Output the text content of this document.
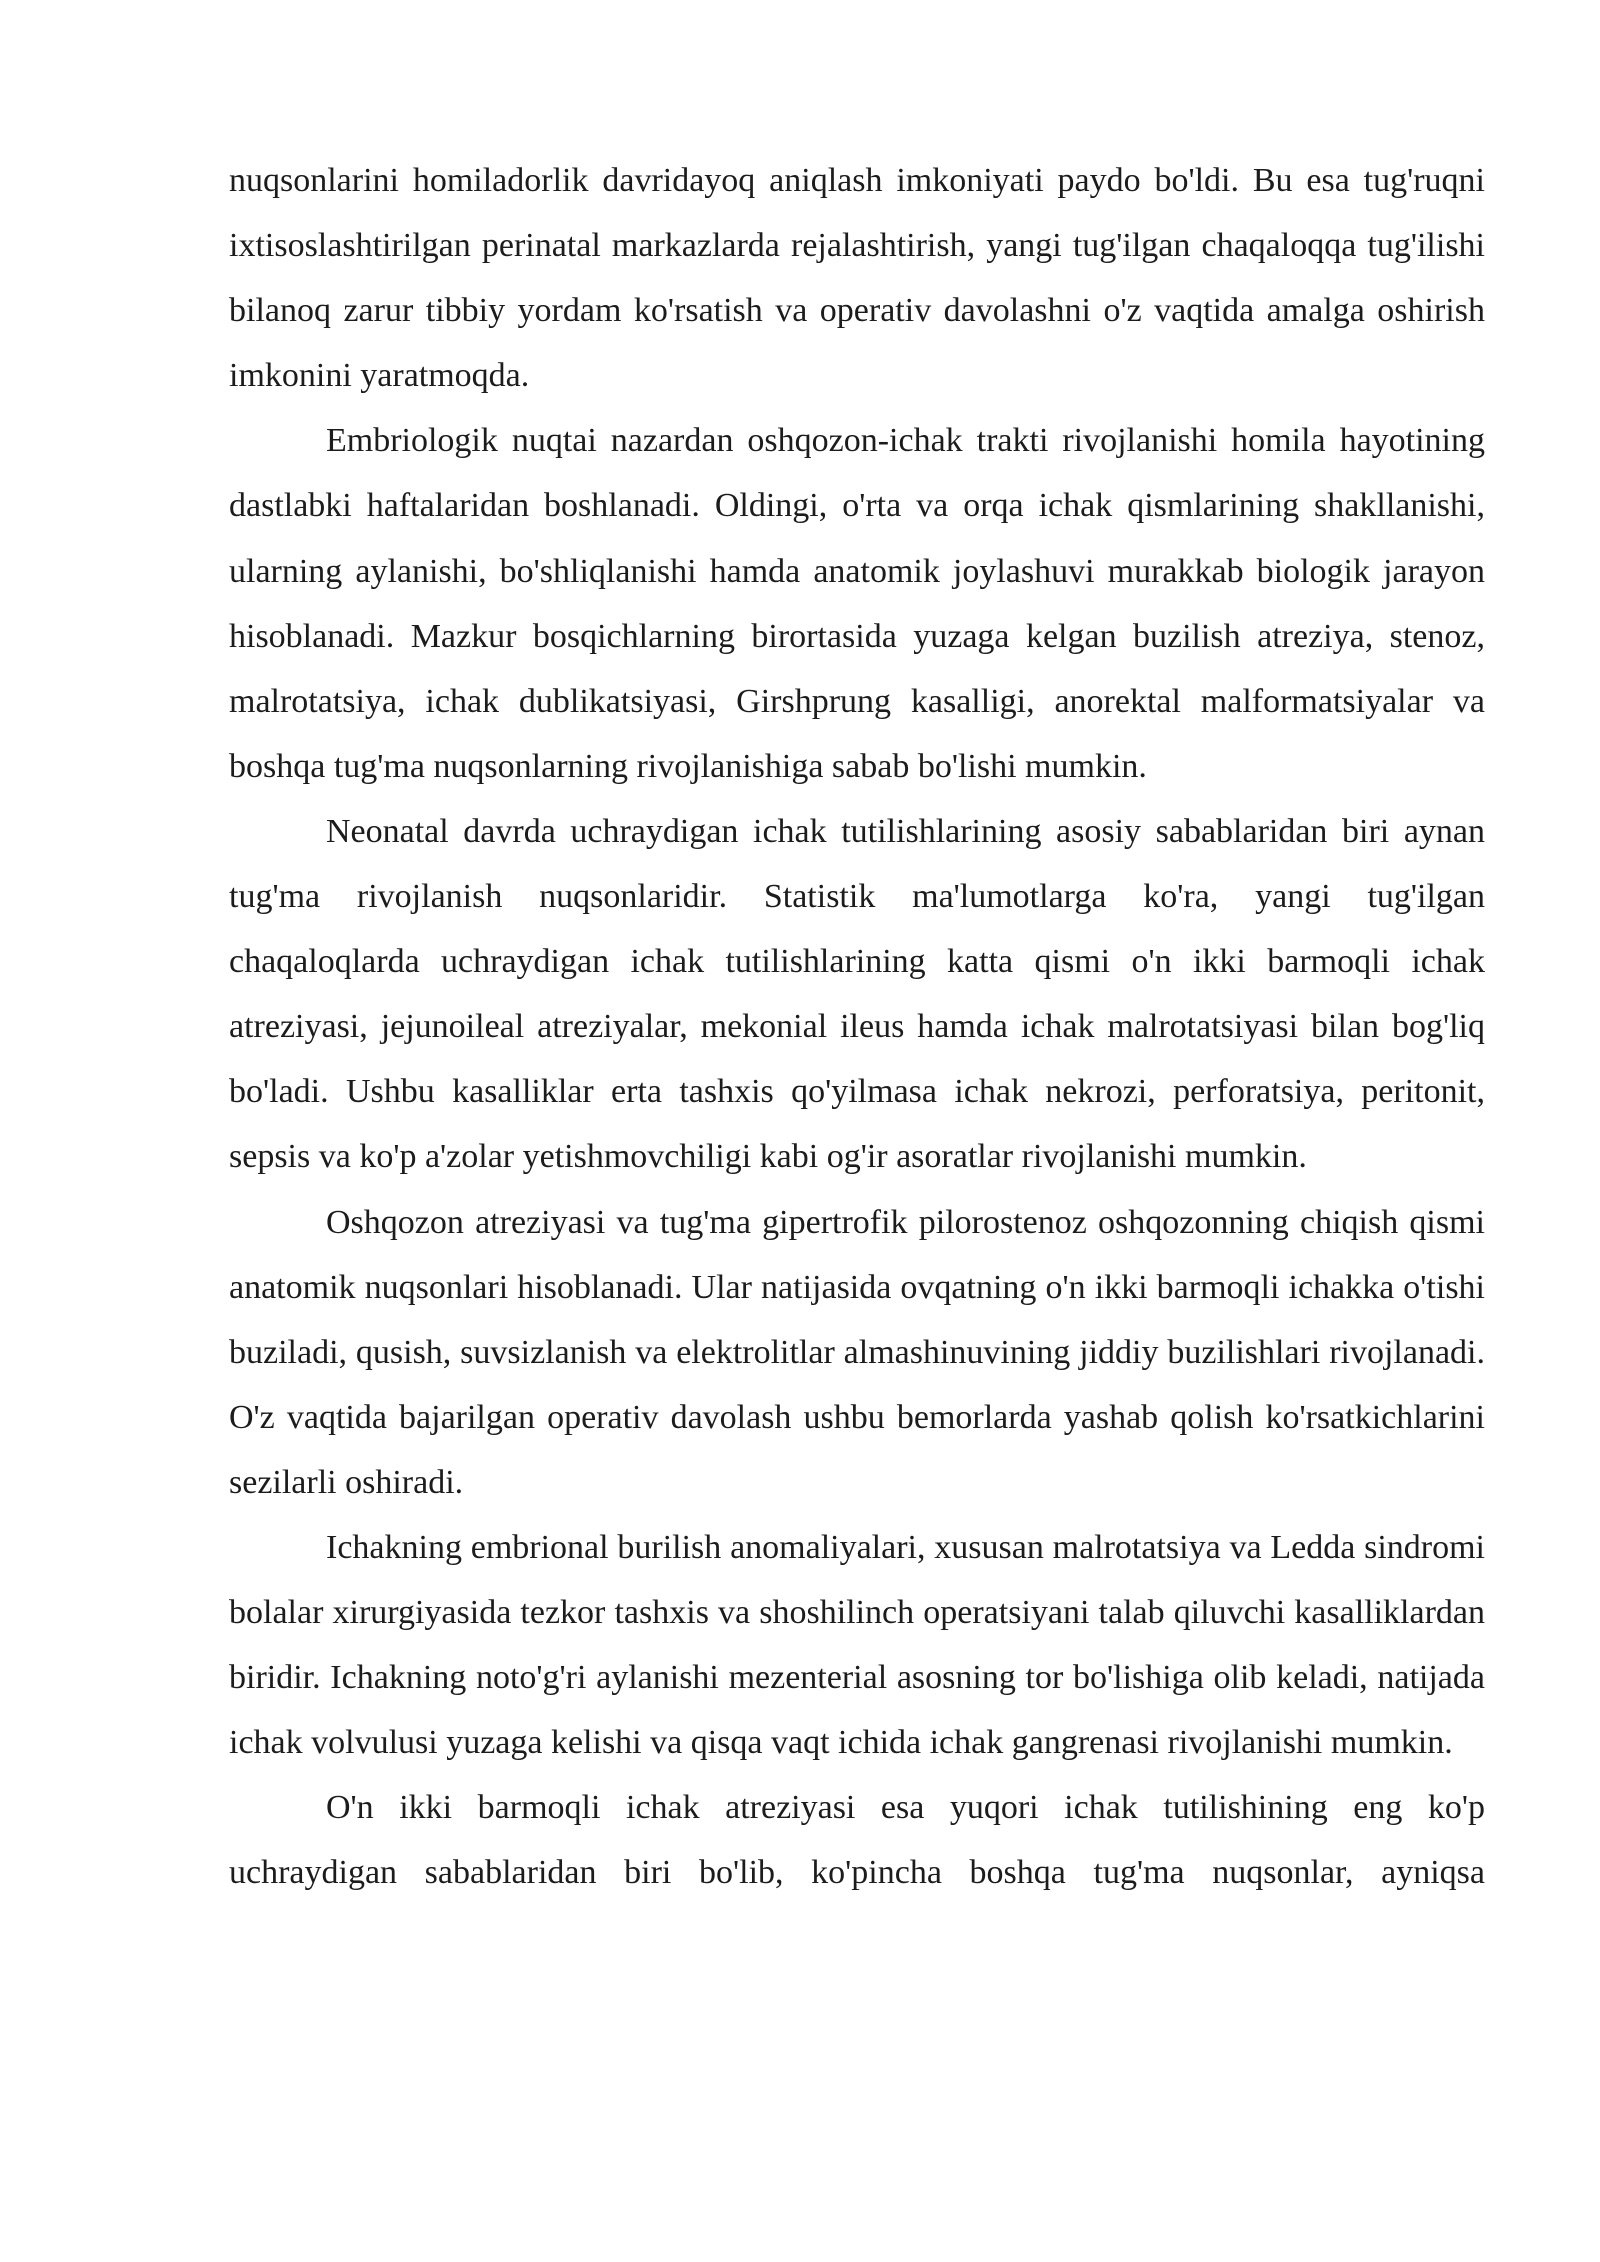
nuqsonlarini homiladorlik davridayoq aniqlash imkoniyati paydo bo'ldi. Bu esa tug'ruqni ixtisoslashtirilgan perinatal markazlarda rejalashtirish, yangi tug'ilgan chaqaloqqa tug'ilishi bilanoq zarur tibbiy yordam ko'rsatish va operativ davolashni o'z vaqtida amalga oshirish imkonini yaratmoqda.

Embriologik nuqtai nazardan oshqozon-ichak trakti rivojlanishi homila hayotining dastlabki haftalaridan boshlanadi. Oldingi, o'rta va orqa ichak qismlarining shakllanishi, ularning aylanishi, bo'shliqlanishi hamda anatomik joylashuvi murakkab biologik jarayon hisoblanadi. Mazkur bosqichlarning birortasida yuzaga kelgan buzilish atreziya, stenoz, malrotatsiya, ichak dublikatsiyasi, Girshprung kasalligi, anorektal malformatsiyalar va boshqa tug'ma nuqsonlarning rivojlanishiga sabab bo'lishi mumkin.

Neonatal davrda uchraydigan ichak tutilishlarining asosiy sabablaridan biri aynan tug'ma rivojlanish nuqsonlaridir. Statistik ma'lumotlarga ko'ra, yangi tug'ilgan chaqaloqlarda uchraydigan ichak tutilishlarining katta qismi o'n ikki barmoqli ichak atreziyasi, jejunoileal atreziyalar, mekonial ileus hamda ichak malrotatsiyasi bilan bog'liq bo'ladi. Ushbu kasalliklar erta tashxis qo'yilmasa ichak nekrozi, perforatsiya, peritonit, sepsis va ko'p a'zolar yetishmovchiligi kabi og'ir asoratlar rivojlanishi mumkin.

Oshqozon atreziyasi va tug'ma gipertrofik pilorostenoz oshqozonning chiqish qismi anatomik nuqsonlari hisoblanadi. Ular natijasida ovqatning o'n ikki barmoqli ichakka o'tishi buziladi, qusish, suvsizlanish va elektrolitlar almashinuvining jiddiy buzilishlari rivojlanadi. O'z vaqtida bajarilgan operativ davolash ushbu bemorlarda yashab qolish ko'rsatkichlarini sezilarli oshiradi.

Ichakning embrional burilish anomaliyalari, xususan malrotatsiya va Ledda sindromi bolalar xirurgiyasida tezkor tashxis va shoshilinch operatsiyani talab qiluvchi kasalliklardan biridir. Ichakning noto'g'ri aylanishi mezenterial asosning tor bo'lishiga olib keladi, natijada ichak volvulusi yuzaga kelishi va qisqa vaqt ichida ichak gangrenasi rivojlanishi mumkin.

O'n ikki barmoqli ichak atreziyasi esa yuqori ichak tutilishining eng ko'p uchraydigan sabablaridan biri bo'lib, ko'pincha boshqa tug'ma nuqsonlar, ayniqsa
